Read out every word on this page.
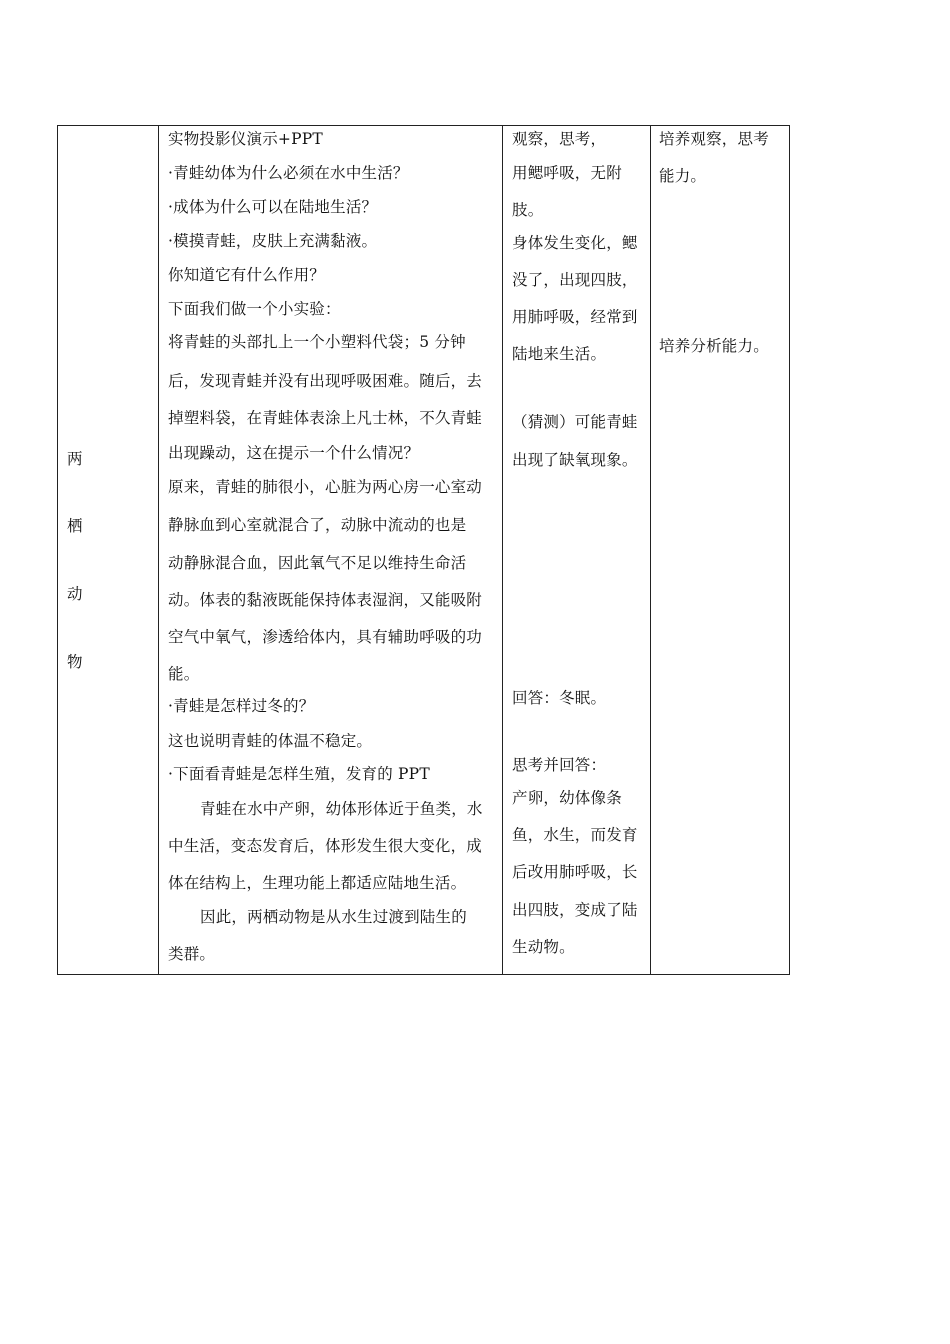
两
栖
动
物
实物投影仪演示+PPT
·青蛙幼体为什么必须在水中生活？
·成体为什么可以在陆地生活？
·模摸青蛙，皮肤上充满黏液。
你知道它有什么作用？
下面我们做一个小实验：
将青蛙的头部扎上一个小塑料代袋；5 分钟
后，发现青蛙并没有出现呼吸困难。随后，去
掉塑料袋，在青蛙体表涂上凡士林，不久青蛙
出现躁动，这在提示一个什么情况？
原来，青蛙的肺很小，心脏为两心房一心室动
静脉血到心室就混合了，动脉中流动的也是
动静脉混合血，因此氧气不足以维持生命活
动。体表的黏液既能保持体表湿润，又能吸附
空气中氧气，渗透给体内，具有辅助呼吸的功
能。
·青蛙是怎样过冬的？
这也说明青蛙的体温不稳定。
·下面看青蛙是怎样生殖，发育的 PPT
青蛙在水中产卵，幼体形体近于鱼类，水
中生活，变态发育后，体形发生很大变化，成
体在结构上，生理功能上都适应陆地生活。
因此，两栖动物是从水生过渡到陆生的
类群。
观察，思考，
用鳃呼吸，无附
肢。
身体发生变化，鳃
没了，出现四肢，
用肺呼吸，经常到
陆地来生活。
（猜测）可能青蛙
出现了缺氧现象。
回答：冬眠。
思考并回答：
产卵，幼体像条
鱼，水生，而发育
后改用肺呼吸，长
出四肢，变成了陆
生动物。
培养观察，思考
能力。
培养分析能力。
